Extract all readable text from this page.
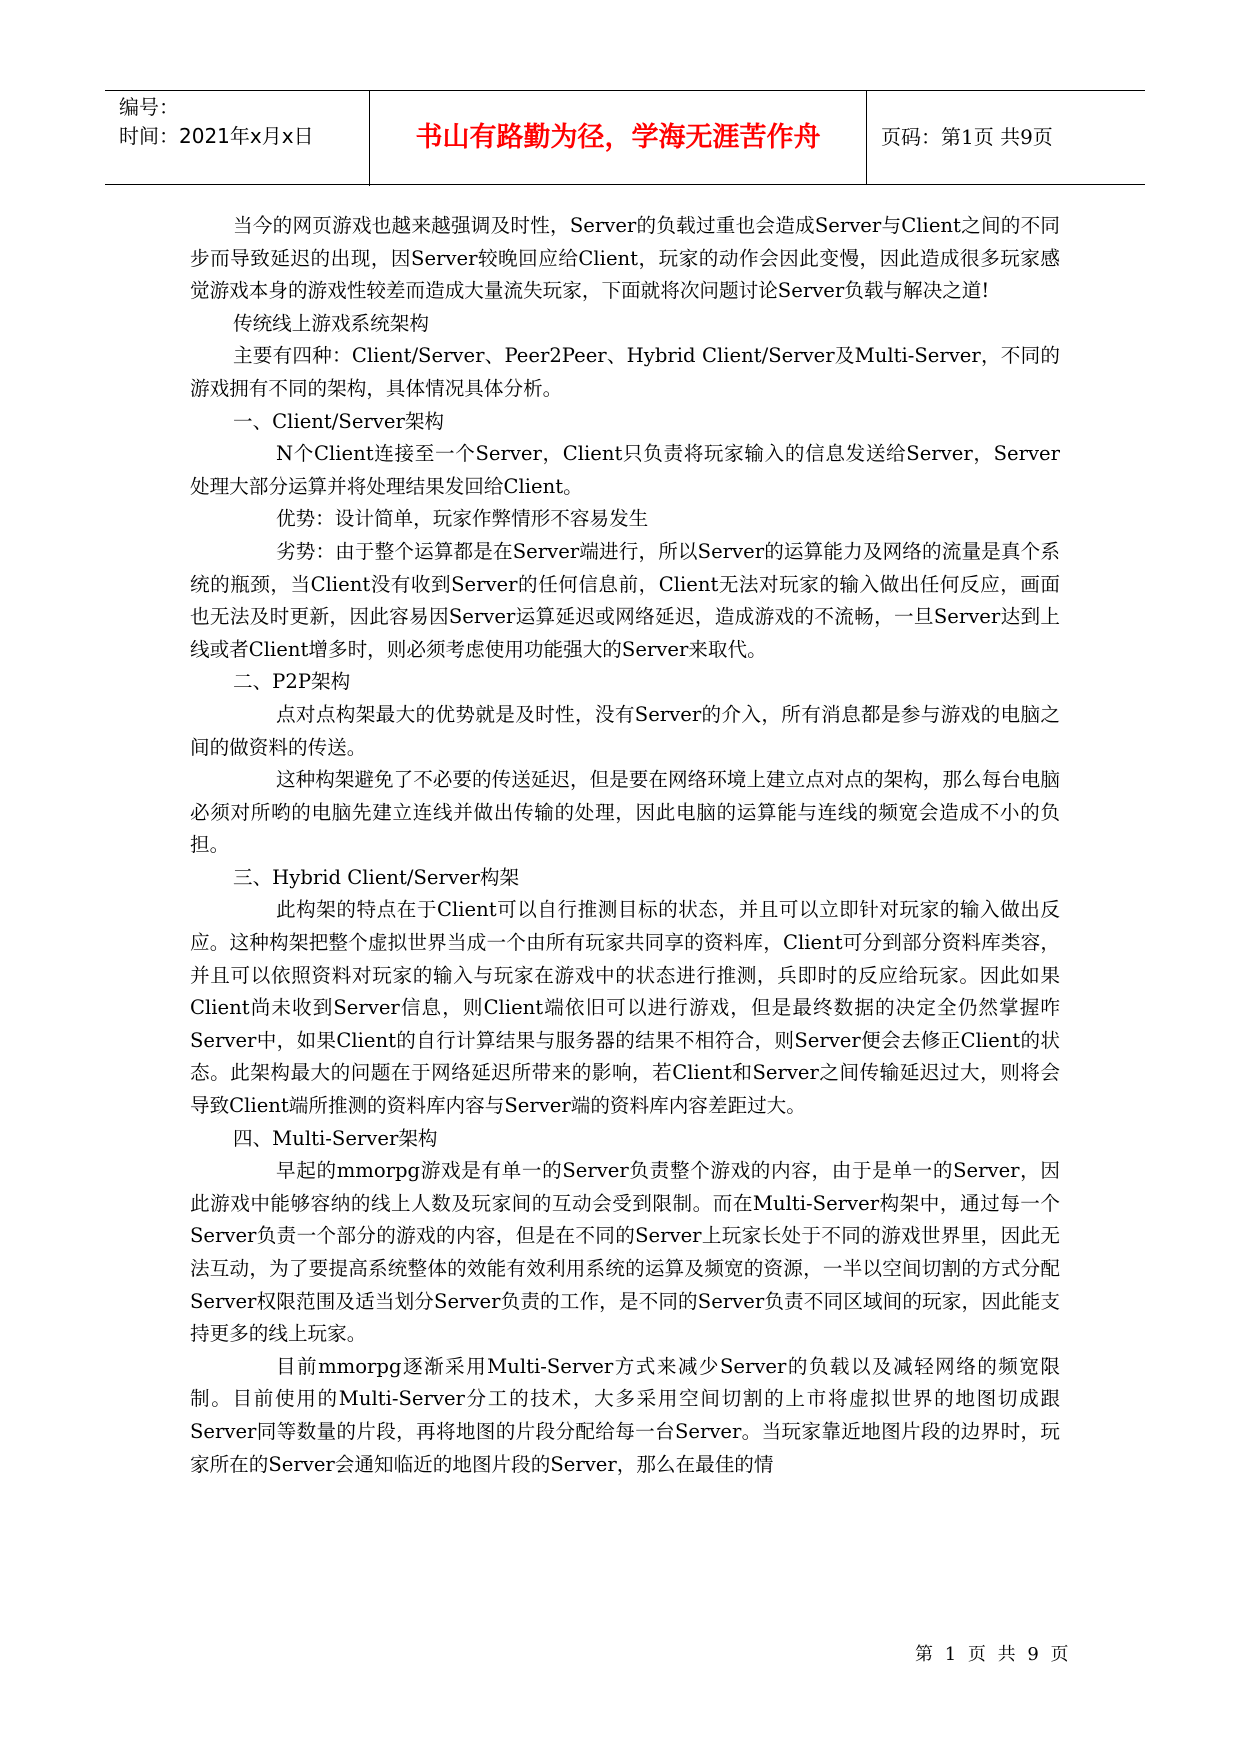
编号：
时间：2021年x月x日	书山有路勤为径，学海无涯苦作舟	页码：第1页 共9页

当今的网页游戏也越来越强调及时性，Server的负载过重也会造成Server与Client之间的不同步而导致延迟的出现，因Server较晚回应给Client，玩家的动作会因此变慢，因此造成很多玩家感觉游戏本身的游戏性较差而造成大量流失玩家，下面就将次问题讨论Server负载与解决之道!

传统线上游戏系统架构

主要有四种：Client/Server、Peer2Peer、Hybrid Client/Server及Multi-Server，不同的游戏拥有不同的架构，具体情况具体分析。

一、Client/Server架构

N个Client连接至一个Server，Client只负责将玩家输入的信息发送给Server，Server处理大部分运算并将处理结果发回给Client。

优势：设计简单，玩家作弊情形不容易发生

劣势：由于整个运算都是在Server端进行，所以Server的运算能力及网络的流量是真个系统的瓶颈，当Client没有收到Server的任何信息前，Client无法对玩家的输入做出任何反应，画面也无法及时更新，因此容易因Server运算延迟或网络延迟，造成游戏的不流畅，一旦Server达到上线或者Client增多时，则必须考虑使用功能强大的Server来取代。

二、P2P架构

点对点构架最大的优势就是及时性，没有Server的介入，所有消息都是参与游戏的电脑之间的做资料的传送。

这种构架避免了不必要的传送延迟，但是要在网络环境上建立点对点的架构，那么每台电脑必须对所哟的电脑先建立连线并做出传输的处理，因此电脑的运算能与连线的频宽会造成不小的负担。

三、Hybrid Client/Server构架

此构架的特点在于Client可以自行推测目标的状态，并且可以立即针对玩家的输入做出反应。这种构架把整个虚拟世界当成一个由所有玩家共同享的资料库，Client可分到部分资料库类容，并且可以依照资料对玩家的输入与玩家在游戏中的状态进行推测，兵即时的反应给玩家。因此如果Client尚未收到Server信息，则Client端依旧可以进行游戏，但是最终数据的决定全仍然掌握咋Server中，如果Client的自行计算结果与服务器的结果不相符合，则Server便会去修正Client的状态。此架构最大的问题在于网络延迟所带来的影响，若Client和Server之间传输延迟过大，则将会导致Client端所推测的资料库内容与Server端的资料库内容差距过大。

四、Multi-Server架构

早起的mmorpg游戏是有单一的Server负责整个游戏的内容，由于是单一的Server，因此游戏中能够容纳的线上人数及玩家间的互动会受到限制。而在Multi-Server构架中，通过每一个Server负责一个部分的游戏的内容，但是在不同的Server上玩家长处于不同的游戏世界里，因此无法互动，为了要提高系统整体的效能有效利用系统的运算及频宽的资源，一半以空间切割的方式分配Server权限范围及适当划分Server负责的工作，是不同的Server负责不同区域间的玩家，因此能支持更多的线上玩家。

目前mmorpg逐渐采用Multi-Server方式来减少Server的负载以及减轻网络的频宽限制。目前使用的Multi-Server分工的技术，大多采用空间切割的上市将虚拟世界的地图切成跟Server同等数量的片段，再将地图的片段分配给每一台Server。当玩家靠近地图片段的边界时，玩家所在的Server会通知临近的地图片段的Server，那么在最佳的情

第 1 页 共 9 页
